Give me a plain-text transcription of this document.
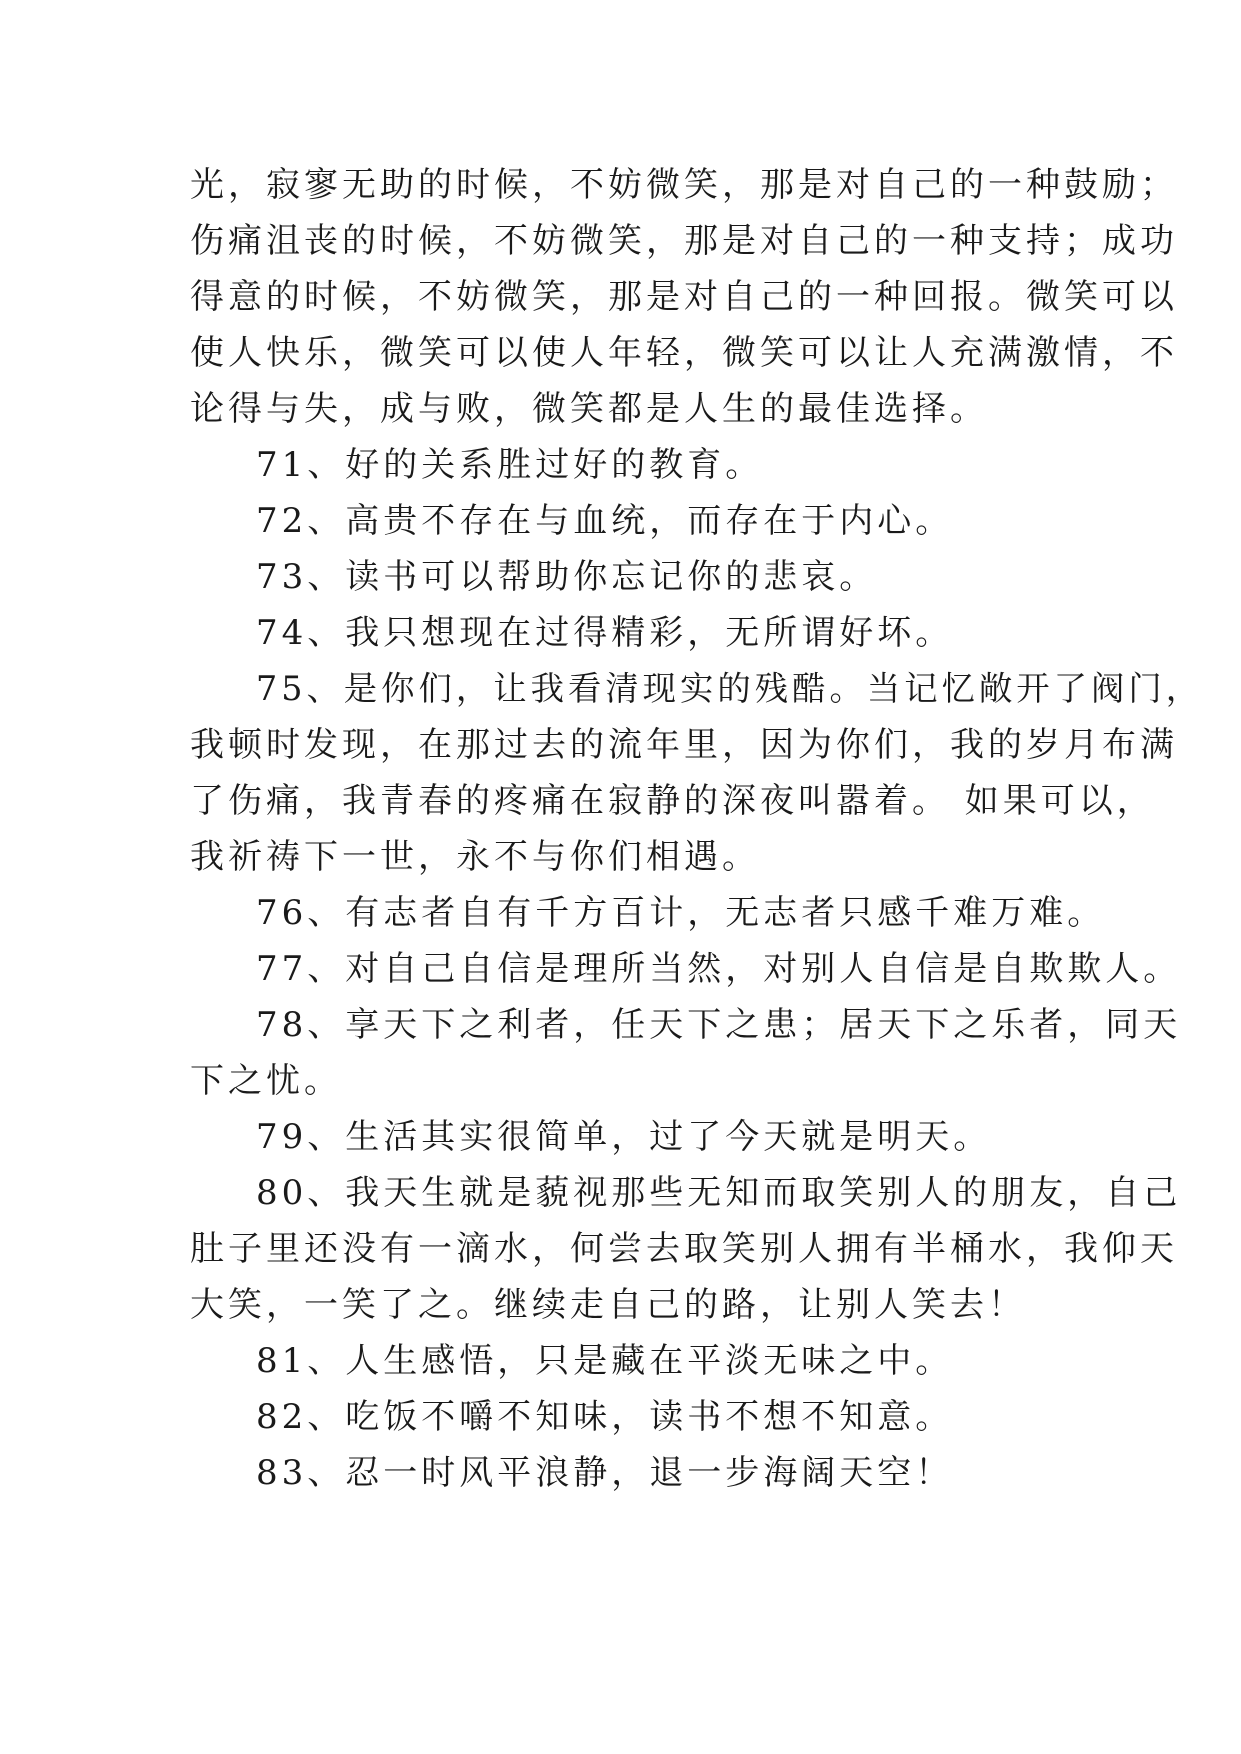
光，寂寥无助的时候，不妨微笑，那是对自己的一种鼓励；
伤痛沮丧的时候，不妨微笑，那是对自己的一种支持；成功
得意的时候，不妨微笑，那是对自己的一种回报。微笑可以
使人快乐，微笑可以使人年轻，微笑可以让人充满激情，不
论得与失，成与败，微笑都是人生的最佳选择。
71、好的关系胜过好的教育。
72、高贵不存在与血统，而存在于内心。
73、读书可以帮助你忘记你的悲哀。
74、我只想现在过得精彩，无所谓好坏。
75、是你们，让我看清现实的残酷。当记忆敞开了阀门，
我顿时发现，在那过去的流年里，因为你们，我的岁月布满
了伤痛，我青春的疼痛在寂静的深夜叫嚣着。 如果可以，
我祈祷下一世，永不与你们相遇。
76、有志者自有千方百计，无志者只感千难万难。
77、对自己自信是理所当然，对别人自信是自欺欺人。
78、享天下之利者，任天下之患；居天下之乐者，同天
下之忧。
79、生活其实很简单，过了今天就是明天。
80、我天生就是藐视那些无知而取笑别人的朋友，自己
肚子里还没有一滴水，何尝去取笑别人拥有半桶水，我仰天
大笑，一笑了之。继续走自己的路，让别人笑去！
81、人生感悟，只是藏在平淡无味之中。
82、吃饭不嚼不知味，读书不想不知意。
83、忍一时风平浪静，退一步海阔天空！
